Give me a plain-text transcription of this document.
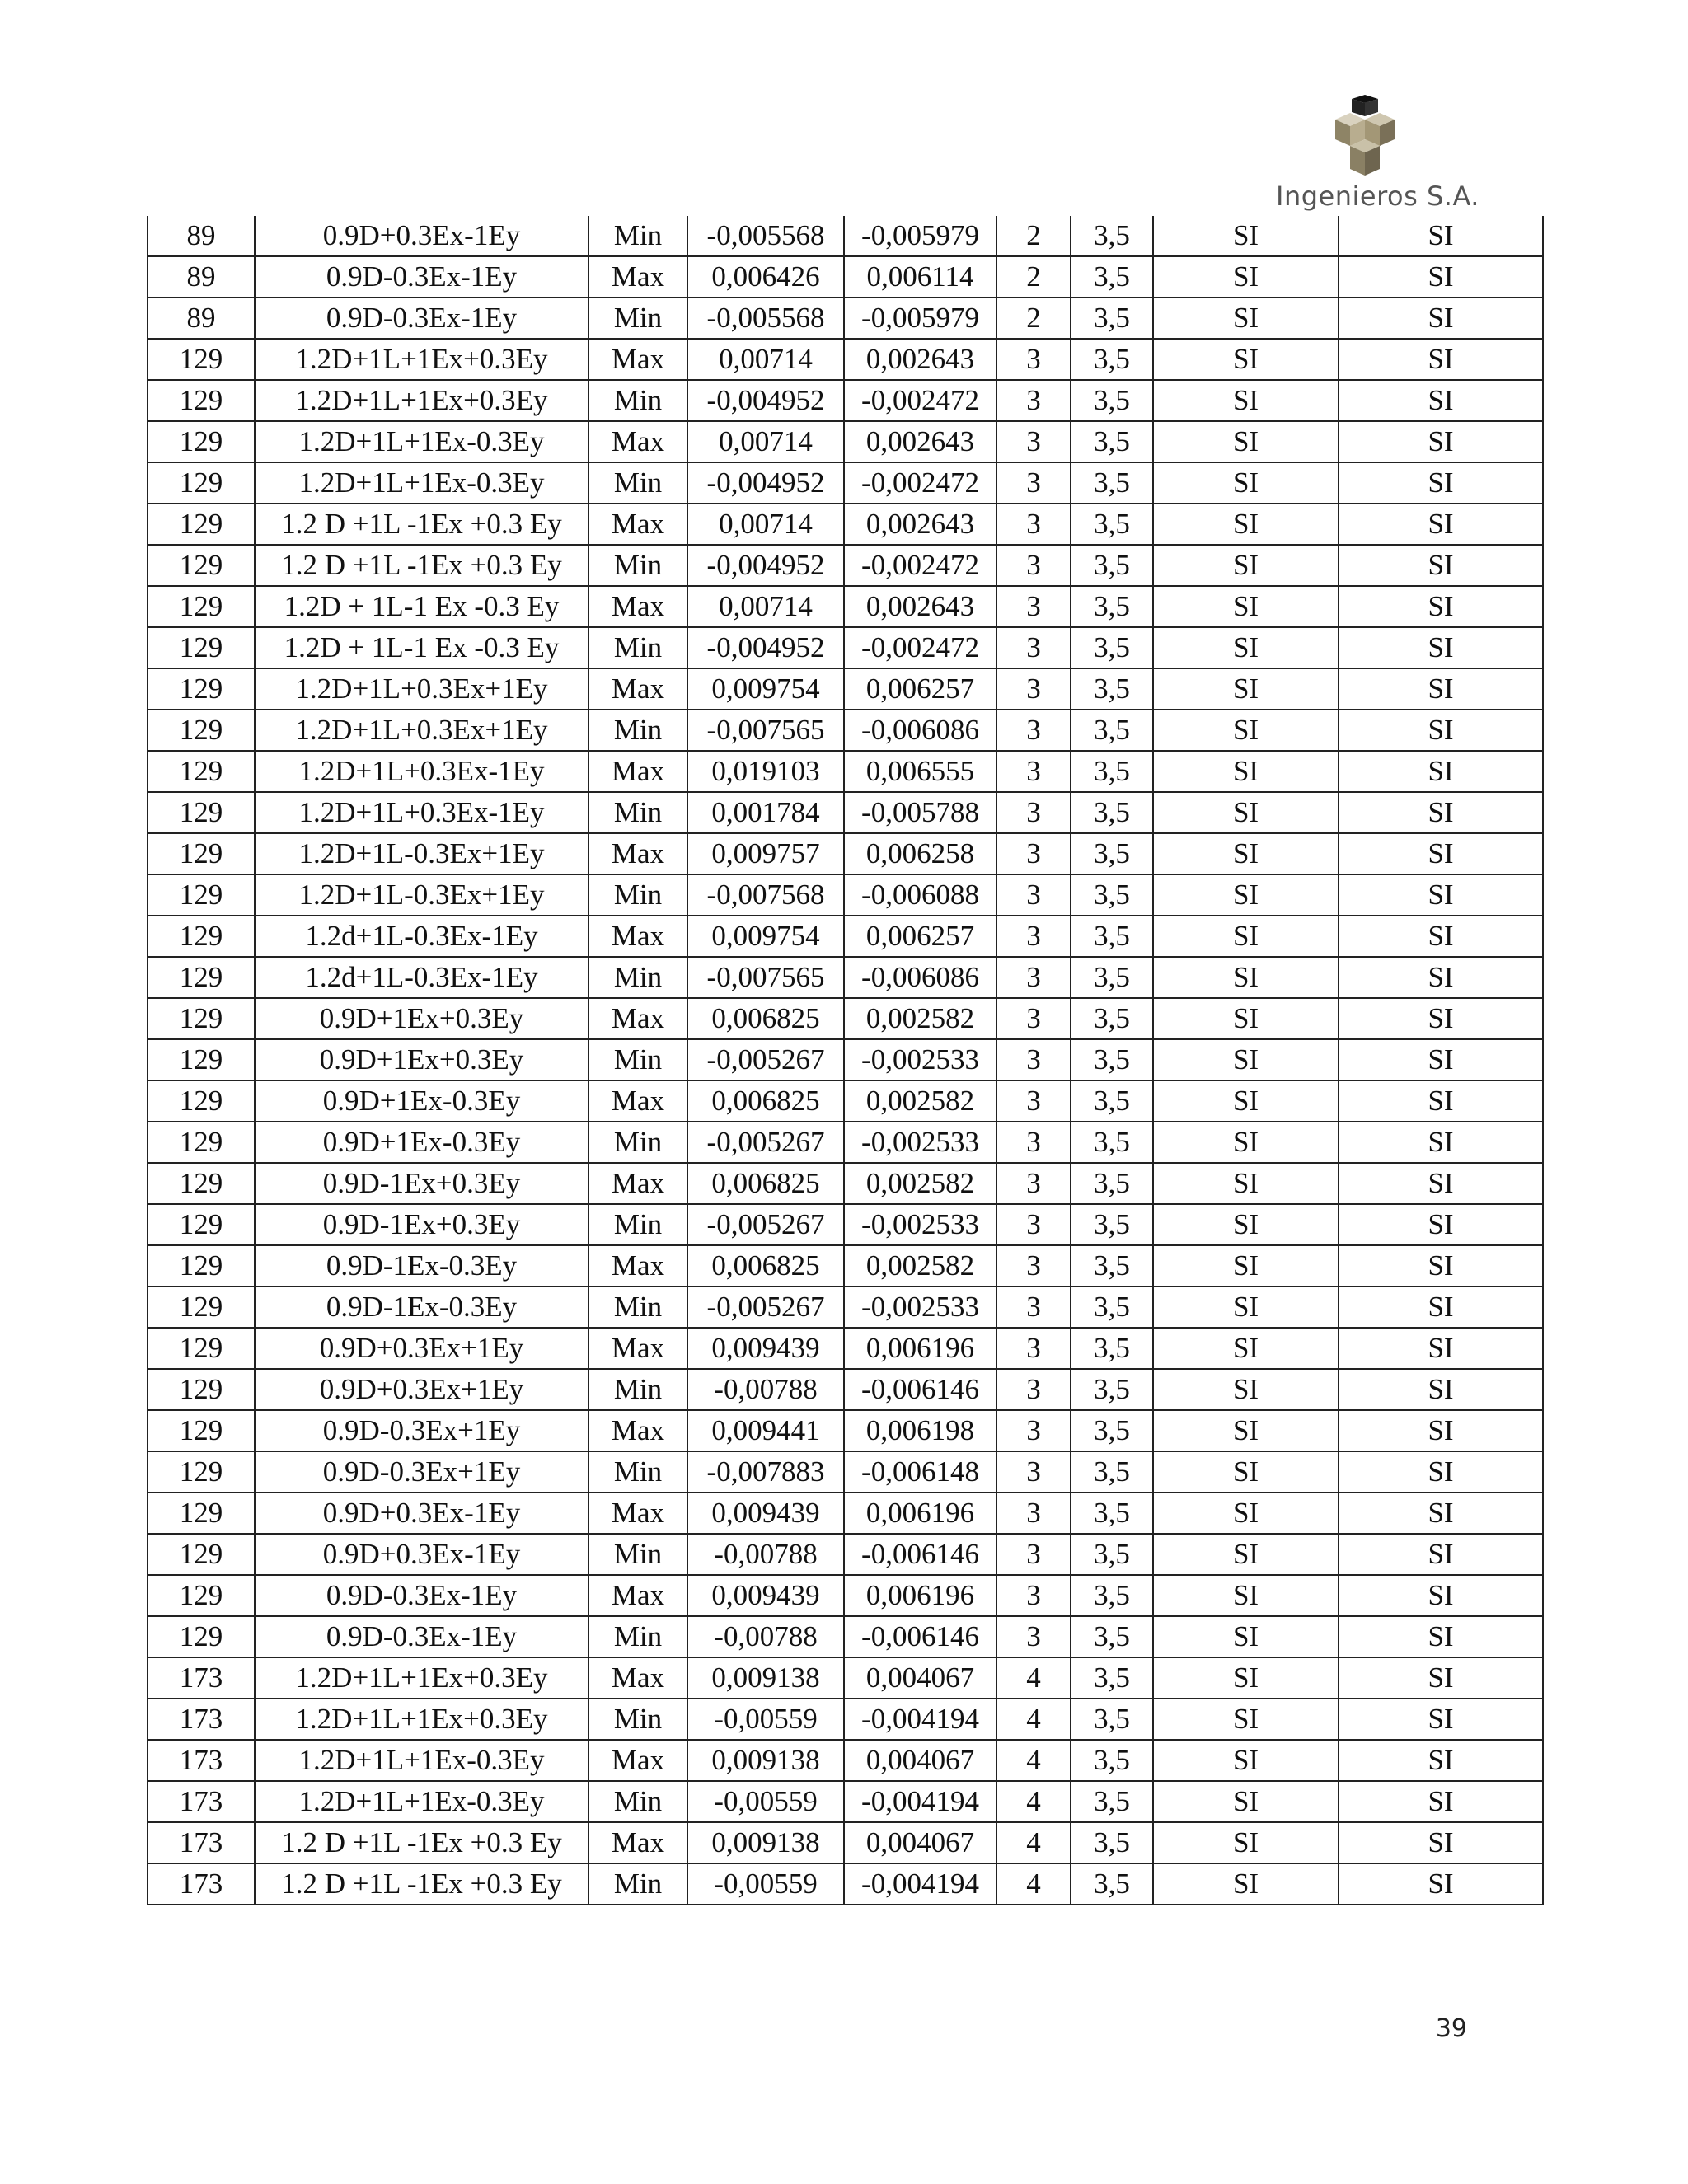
Ingenieros S.A.
89	0.9D+0.3Ex-1Ey	Min	-0,005568	-0,005979	2	3,5	SI	SI
89	0.9D-0.3Ex-1Ey	Max	0,006426	0,006114	2	3,5	SI	SI
89	0.9D-0.3Ex-1Ey	Min	-0,005568	-0,005979	2	3,5	SI	SI
129	1.2D+1L+1Ex+0.3Ey	Max	0,00714	0,002643	3	3,5	SI	SI
129	1.2D+1L+1Ex+0.3Ey	Min	-0,004952	-0,002472	3	3,5	SI	SI
129	1.2D+1L+1Ex-0.3Ey	Max	0,00714	0,002643	3	3,5	SI	SI
129	1.2D+1L+1Ex-0.3Ey	Min	-0,004952	-0,002472	3	3,5	SI	SI
129	1.2 D +1L -1Ex +0.3 Ey	Max	0,00714	0,002643	3	3,5	SI	SI
129	1.2 D +1L -1Ex +0.3 Ey	Min	-0,004952	-0,002472	3	3,5	SI	SI
129	1.2D + 1L-1 Ex -0.3 Ey	Max	0,00714	0,002643	3	3,5	SI	SI
129	1.2D + 1L-1 Ex -0.3 Ey	Min	-0,004952	-0,002472	3	3,5	SI	SI
129	1.2D+1L+0.3Ex+1Ey	Max	0,009754	0,006257	3	3,5	SI	SI
129	1.2D+1L+0.3Ex+1Ey	Min	-0,007565	-0,006086	3	3,5	SI	SI
129	1.2D+1L+0.3Ex-1Ey	Max	0,019103	0,006555	3	3,5	SI	SI
129	1.2D+1L+0.3Ex-1Ey	Min	0,001784	-0,005788	3	3,5	SI	SI
129	1.2D+1L-0.3Ex+1Ey	Max	0,009757	0,006258	3	3,5	SI	SI
129	1.2D+1L-0.3Ex+1Ey	Min	-0,007568	-0,006088	3	3,5	SI	SI
129	1.2d+1L-0.3Ex-1Ey	Max	0,009754	0,006257	3	3,5	SI	SI
129	1.2d+1L-0.3Ex-1Ey	Min	-0,007565	-0,006086	3	3,5	SI	SI
129	0.9D+1Ex+0.3Ey	Max	0,006825	0,002582	3	3,5	SI	SI
129	0.9D+1Ex+0.3Ey	Min	-0,005267	-0,002533	3	3,5	SI	SI
129	0.9D+1Ex-0.3Ey	Max	0,006825	0,002582	3	3,5	SI	SI
129	0.9D+1Ex-0.3Ey	Min	-0,005267	-0,002533	3	3,5	SI	SI
129	0.9D-1Ex+0.3Ey	Max	0,006825	0,002582	3	3,5	SI	SI
129	0.9D-1Ex+0.3Ey	Min	-0,005267	-0,002533	3	3,5	SI	SI
129	0.9D-1Ex-0.3Ey	Max	0,006825	0,002582	3	3,5	SI	SI
129	0.9D-1Ex-0.3Ey	Min	-0,005267	-0,002533	3	3,5	SI	SI
129	0.9D+0.3Ex+1Ey	Max	0,009439	0,006196	3	3,5	SI	SI
129	0.9D+0.3Ex+1Ey	Min	-0,00788	-0,006146	3	3,5	SI	SI
129	0.9D-0.3Ex+1Ey	Max	0,009441	0,006198	3	3,5	SI	SI
129	0.9D-0.3Ex+1Ey	Min	-0,007883	-0,006148	3	3,5	SI	SI
129	0.9D+0.3Ex-1Ey	Max	0,009439	0,006196	3	3,5	SI	SI
129	0.9D+0.3Ex-1Ey	Min	-0,00788	-0,006146	3	3,5	SI	SI
129	0.9D-0.3Ex-1Ey	Max	0,009439	0,006196	3	3,5	SI	SI
129	0.9D-0.3Ex-1Ey	Min	-0,00788	-0,006146	3	3,5	SI	SI
173	1.2D+1L+1Ex+0.3Ey	Max	0,009138	0,004067	4	3,5	SI	SI
173	1.2D+1L+1Ex+0.3Ey	Min	-0,00559	-0,004194	4	3,5	SI	SI
173	1.2D+1L+1Ex-0.3Ey	Max	0,009138	0,004067	4	3,5	SI	SI
173	1.2D+1L+1Ex-0.3Ey	Min	-0,00559	-0,004194	4	3,5	SI	SI
173	1.2 D +1L -1Ex +0.3 Ey	Max	0,009138	0,004067	4	3,5	SI	SI
173	1.2 D +1L -1Ex +0.3 Ey	Min	-0,00559	-0,004194	4	3,5	SI	SI
39
